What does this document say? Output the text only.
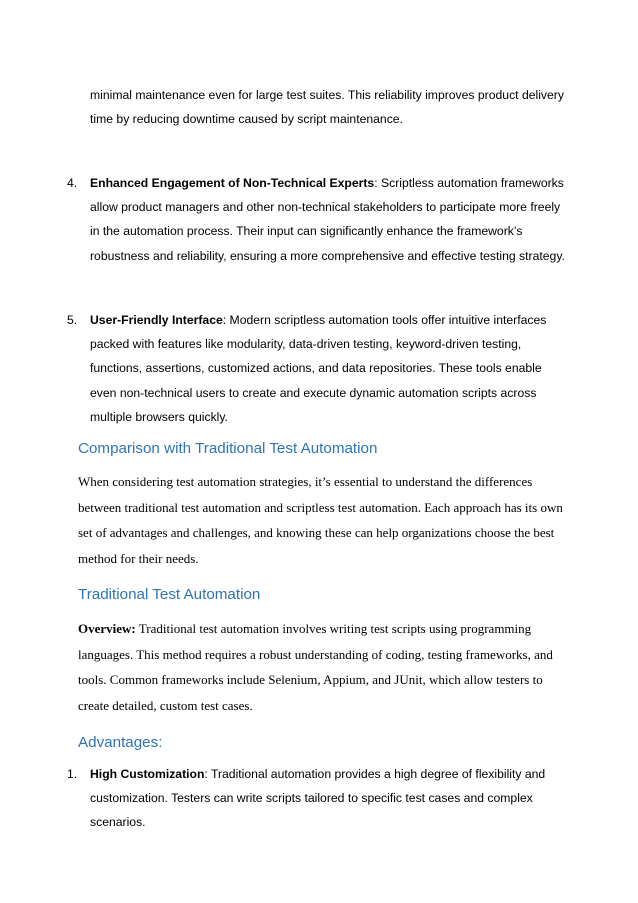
minimal maintenance even for large test suites. This reliability improves product delivery time by reducing downtime caused by script maintenance.

4. Enhanced Engagement of Non-Technical Experts: Scriptless automation frameworks allow product managers and other non-technical stakeholders to participate more freely in the automation process. Their input can significantly enhance the framework’s robustness and reliability, ensuring a more comprehensive and effective testing strategy.

5. User-Friendly Interface: Modern scriptless automation tools offer intuitive interfaces packed with features like modularity, data-driven testing, keyword-driven testing, functions, assertions, customized actions, and data repositories. These tools enable even non-technical users to create and execute dynamic automation scripts across multiple browsers quickly.

Comparison with Traditional Test Automation

When considering test automation strategies, it’s essential to understand the differences between traditional test automation and scriptless test automation. Each approach has its own set of advantages and challenges, and knowing these can help organizations choose the best method for their needs.

Traditional Test Automation

Overview: Traditional test automation involves writing test scripts using programming languages. This method requires a robust understanding of coding, testing frameworks, and tools. Common frameworks include Selenium, Appium, and JUnit, which allow testers to create detailed, custom test cases.

Advantages:
1. High Customization: Traditional automation provides a high degree of flexibility and customization. Testers can write scripts tailored to specific test cases and complex scenarios.
